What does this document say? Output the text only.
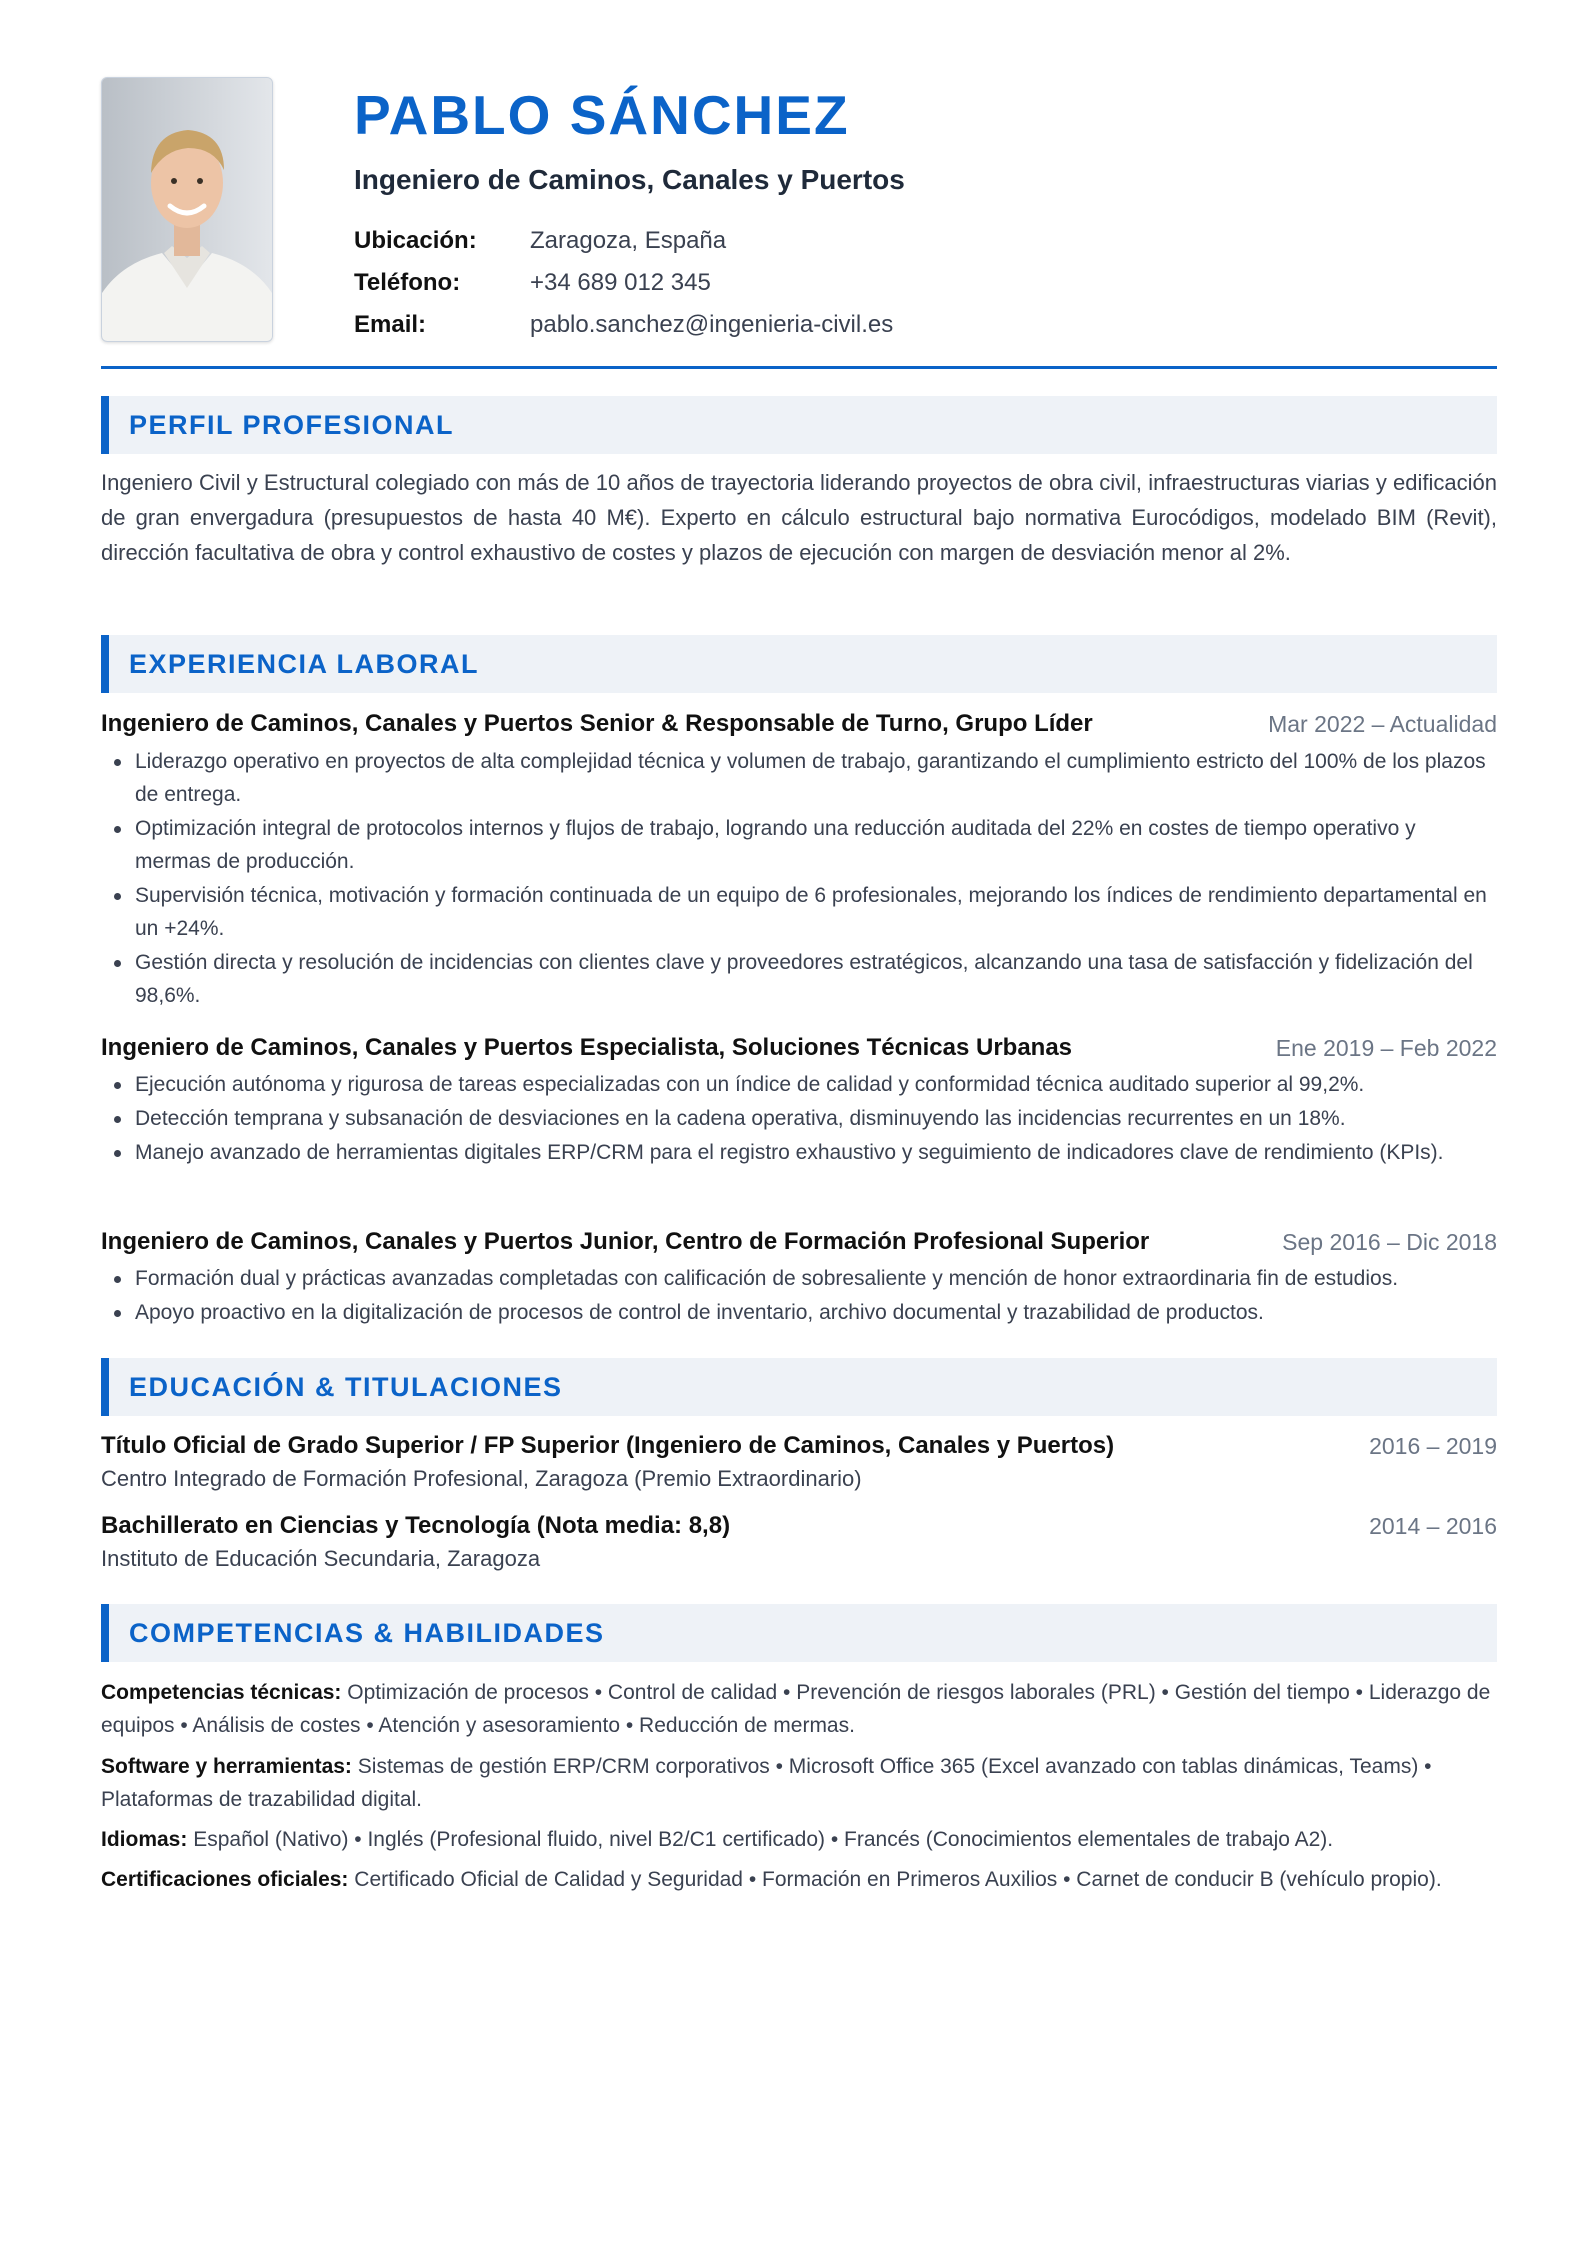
PABLO SÁNCHEZ
Ingeniero de Caminos, Canales y Puertos
Ubicación:	Zaragoza, España
Teléfono:	+34 689 012 345
Email:	pablo.sanchez@ingenieria-civil.es
PERFIL PROFESIONAL

Ingeniero Civil y Estructural colegiado con más de 10 años de trayectoria liderando proyectos de obra civil, infraestructuras viarias y edificación de gran envergadura (presupuestos de hasta 40 M€). Experto en cálculo estructural bajo normativa Eurocódigos, modelado BIM (Revit), dirección facultativa de obra y control exhaustivo de costes y plazos de ejecución con margen de desviación menor al 2%.

EXPERIENCIA LABORAL
Ingeniero de Caminos, Canales y Puertos Senior & Responsable de Turno, Grupo Líder	Mar 2022 – Actualidad
Liderazgo operativo en proyectos de alta complejidad técnica y volumen de trabajo, garantizando el cumplimiento estricto del 100% de los plazos de entrega.
Optimización integral de protocolos internos y flujos de trabajo, logrando una reducción auditada del 22% en costes de tiempo operativo y mermas de producción.
Supervisión técnica, motivación y formación continuada de un equipo de 6 profesionales, mejorando los índices de rendimiento departamental en un +24%.
Gestión directa y resolución de incidencias con clientes clave y proveedores estratégicos, alcanzando una tasa de satisfacción y fidelización del 98,6%.
Ingeniero de Caminos, Canales y Puertos Especialista, Soluciones Técnicas Urbanas	Ene 2019 – Feb 2022
Ejecución autónoma y rigurosa de tareas especializadas con un índice de calidad y conformidad técnica auditado superior al 99,2%.
Detección temprana y subsanación de desviaciones en la cadena operativa, disminuyendo las incidencias recurrentes en un 18%.
Manejo avanzado de herramientas digitales ERP/CRM para el registro exhaustivo y seguimiento de indicadores clave de rendimiento (KPIs).
Ingeniero de Caminos, Canales y Puertos Junior, Centro de Formación Profesional Superior	Sep 2016 – Dic 2018
Formación dual y prácticas avanzadas completadas con calificación de sobresaliente y mención de honor extraordinaria fin de estudios.
Apoyo proactivo en la digitalización de procesos de control de inventario, archivo documental y trazabilidad de productos.
EDUCACIÓN & TITULACIONES
Título Oficial de Grado Superior / FP Superior (Ingeniero de Caminos, Canales y Puertos)	2016 – 2019
Centro Integrado de Formación Profesional, Zaragoza (Premio Extraordinario)
Bachillerato en Ciencias y Tecnología (Nota media: 8,8)	2014 – 2016
Instituto de Educación Secundaria, Zaragoza
COMPETENCIAS & HABILIDADES

Competencias técnicas: Optimización de procesos • Control de calidad • Prevención de riesgos laborales (PRL) • Gestión del tiempo • Liderazgo de equipos • Análisis de costes • Atención y asesoramiento • Reducción de mermas.

Software y herramientas: Sistemas de gestión ERP/CRM corporativos • Microsoft Office 365 (Excel avanzado con tablas dinámicas, Teams) • Plataformas de trazabilidad digital.

Idiomas: Español (Nativo) • Inglés (Profesional fluido, nivel B2/C1 certificado) • Francés (Conocimientos elementales de trabajo A2).

Certificaciones oficiales: Certificado Oficial de Calidad y Seguridad • Formación en Primeros Auxilios • Carnet de conducir B (vehículo propio).
